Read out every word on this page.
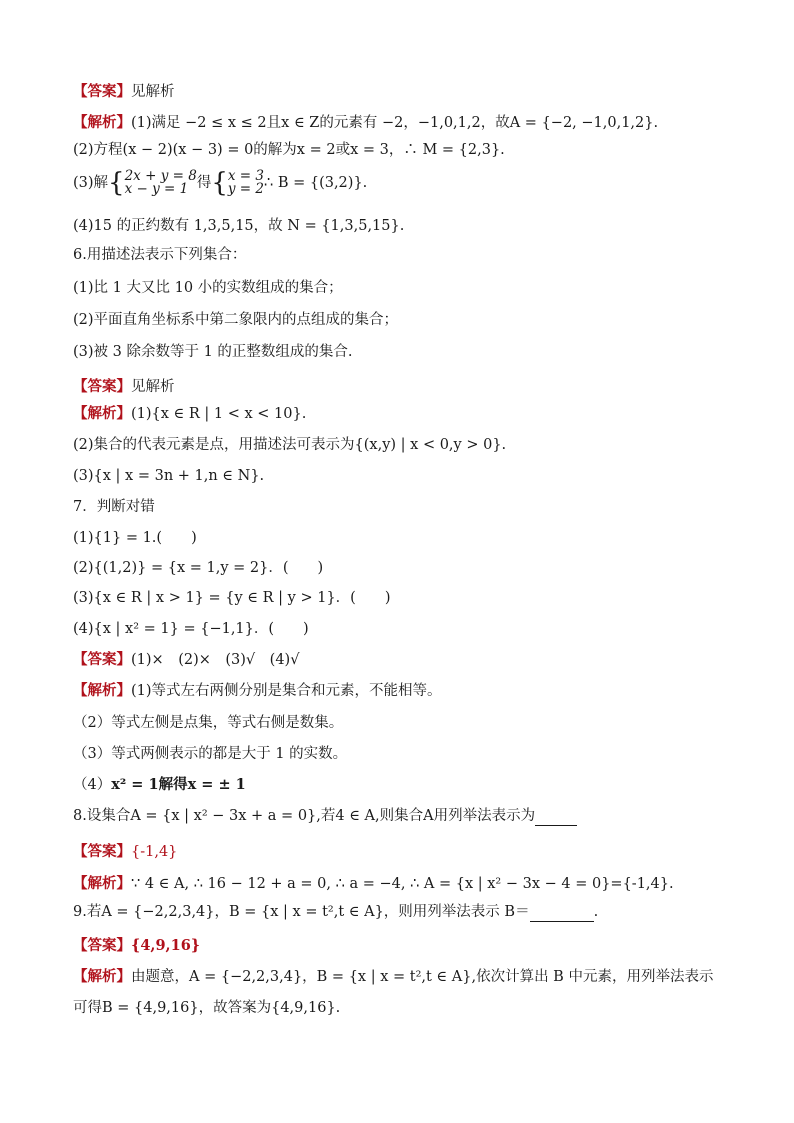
【答案】见解析
【解析】(1)满足 −2 ≤ x ≤ 2且x ∈ Z的元素有 −2，−1,0,1,2，故A = {−2, −1,0,1,2}.
(2)方程(x − 2)(x − 3) = 0的解为x = 2或x = 3，∴ M = {2,3}.
(3)解{ 2x + y = 8
x − y = 1 得{ x = 3
y = 2 ∴ B = {(3,2)}.
(4)15 的正约数有 1,3,5,15，故 N = {1,3,5,15}.
6.用描述法表示下列集合：
(1)比 1 大又比 10 小的实数组成的集合；
(2)平面直角坐标系中第二象限内的点组成的集合；
(3)被 3 除余数等于 1 的正整数组成的集合.
【答案】见解析
【解析】(1){x ∈ R | 1 < x < 10}.
(2)集合的代表元素是点，用描述法可表示为{(x,y) | x < 0,y > 0}.
(3){x | x = 3n + 1,n ∈ N}.
7．判断对错
(1){1} = 1.(　　)
(2){(1,2)} = {x = 1,y = 2}．(　　)
(3){x ∈ R | x > 1} = {y ∈ R | y > 1}．(　　)
(4){x | x² = 1} = {−1,1}．(　　)
【答案】(1)×　(2)×　(3)√　(4)√
【解析】(1)等式左右两侧分别是集合和元素，不能相等。
（2）等式左侧是点集，等式右侧是数集。
（3）等式两侧表示的都是大于 1 的实数。
（4）x² = 1解得x = ± 1
8.设集合A = {x | x² − 3x + a = 0},若4 ∈ A,则集合A用列举法表示为
【答案】{-1,4}
【解析】∵ 4 ∈ A, ∴ 16 − 12 + a = 0, ∴ a = −4, ∴ A = {x | x² − 3x − 4 = 0}={-1,4}.
9.若A = {−2,2,3,4}，B = {x | x = t²,t ∈ A}，则用列举法表示 B＝	.
【答案】{4,9,16}
【解析】由题意，A = {−2,2,3,4}，B = {x | x = t²,t ∈ A},依次计算出 B 中元素，用列举法表示
可得B = {4,9,16}，故答案为{4,9,16}.
